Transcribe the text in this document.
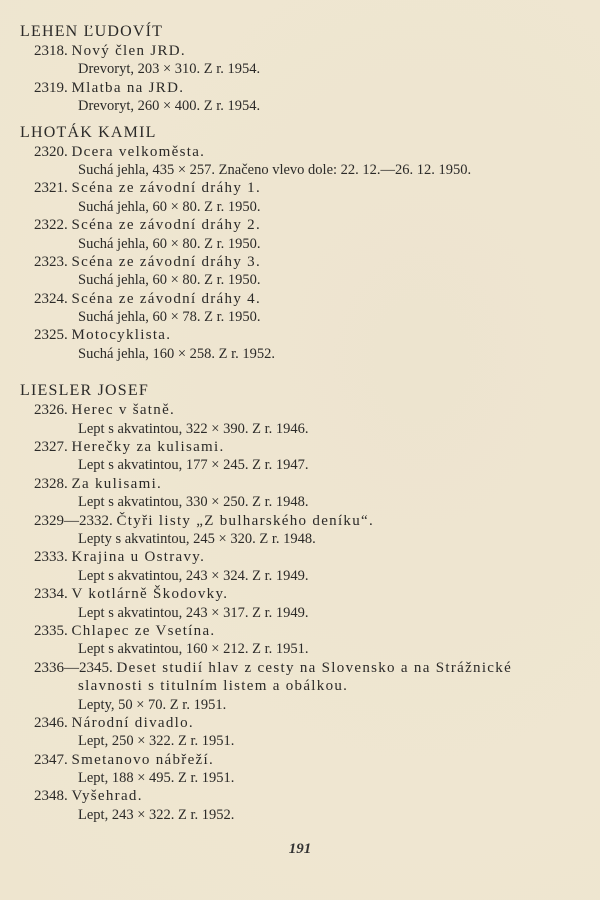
LEHEN ĽUDOVÍT
2318. Nový člen JRD.
Drevoryt, 203 × 310. Z r. 1954.
2319. Mlatba na JRD.
Drevoryt, 260 × 400. Z r. 1954.
LHOTÁK KAMIL
2320. Dcera velkoměsta.
Suchá jehla, 435 × 257. Značeno vlevo dole: 22. 12.—26. 12. 1950.
2321. Scéna ze závodní dráhy 1.
Suchá jehla, 60 × 80. Z r. 1950.
2322. Scéna ze závodní dráhy 2.
Suchá jehla, 60 × 80. Z r. 1950.
2323. Scéna ze závodní dráhy 3.
Suchá jehla, 60 × 80. Z r. 1950.
2324. Scéna ze závodní dráhy 4.
Suchá jehla, 60 × 78. Z r. 1950.
2325. Motocyklista.
Suchá jehla, 160 × 258. Z r. 1952.
LIESLER JOSEF
2326. Herec v šatně.
Lept s akvatintou, 322 × 390. Z r. 1946.
2327. Herečky za kulisami.
Lept s akvatintou, 177 × 245. Z r. 1947.
2328. Za kulisami.
Lept s akvatintou, 330 × 250. Z r. 1948.
2329—2332. Čtyři listy „Z bulharského deníku“.
Lepty s akvatintou, 245 × 320. Z r. 1948.
2333. Krajina u Ostravy.
Lept s akvatintou, 243 × 324. Z r. 1949.
2334. V kotlárně Škodovky.
Lept s akvatintou, 243 × 317. Z r. 1949.
2335. Chlapec ze Vsetína.
Lept s akvatintou, 160 × 212. Z r. 1951.
2336—2345. Deset studií hlav z cesty na Slovensko a na Strážnické
slavnosti s titulním listem a obálkou.
Lepty, 50 × 70. Z r. 1951.
2346. Národní divadlo.
Lept, 250 × 322. Z r. 1951.
2347. Smetanovo nábřeží.
Lept, 188 × 495. Z r. 1951.
2348. Vyšehrad.
Lept, 243 × 322. Z r. 1952.
191
